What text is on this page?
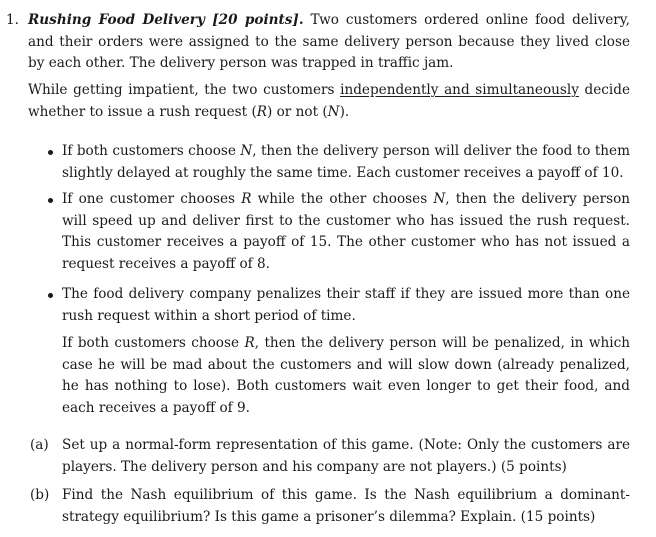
1. Rushing Food Delivery [20 points]. Two customers ordered online food delivery, and their orders were assigned to the same delivery person because they lived close by each other. The delivery person was trapped in traffic jam.
While getting impatient, the two customers independently and simultaneously decide whether to issue a rush request (R) or not (N).
If both customers choose N, then the delivery person will deliver the food to them slightly delayed at roughly the same time. Each customer receives a payoff of 10.
If one customer chooses R while the other chooses N, then the delivery person will speed up and deliver first to the customer who has issued the rush request. This customer receives a payoff of 15. The other customer who has not issued a request receives a payoff of 8.
The food delivery company penalizes their staff if they are issued more than one rush request within a short period of time.
If both customers choose R, then the delivery person will be penalized, in which case he will be mad about the customers and will slow down (already penalized, he has nothing to lose). Both customers wait even longer to get their food, and each receives a payoff of 9.
(a) Set up a normal-form representation of this game. (Note: Only the customers are players. The delivery person and his company are not players.) (5 points)
(b) Find the Nash equilibrium of this game. Is the Nash equilibrium a dominant-strategy equilibrium? Is this game a prisoner’s dilemma? Explain. (15 points)
